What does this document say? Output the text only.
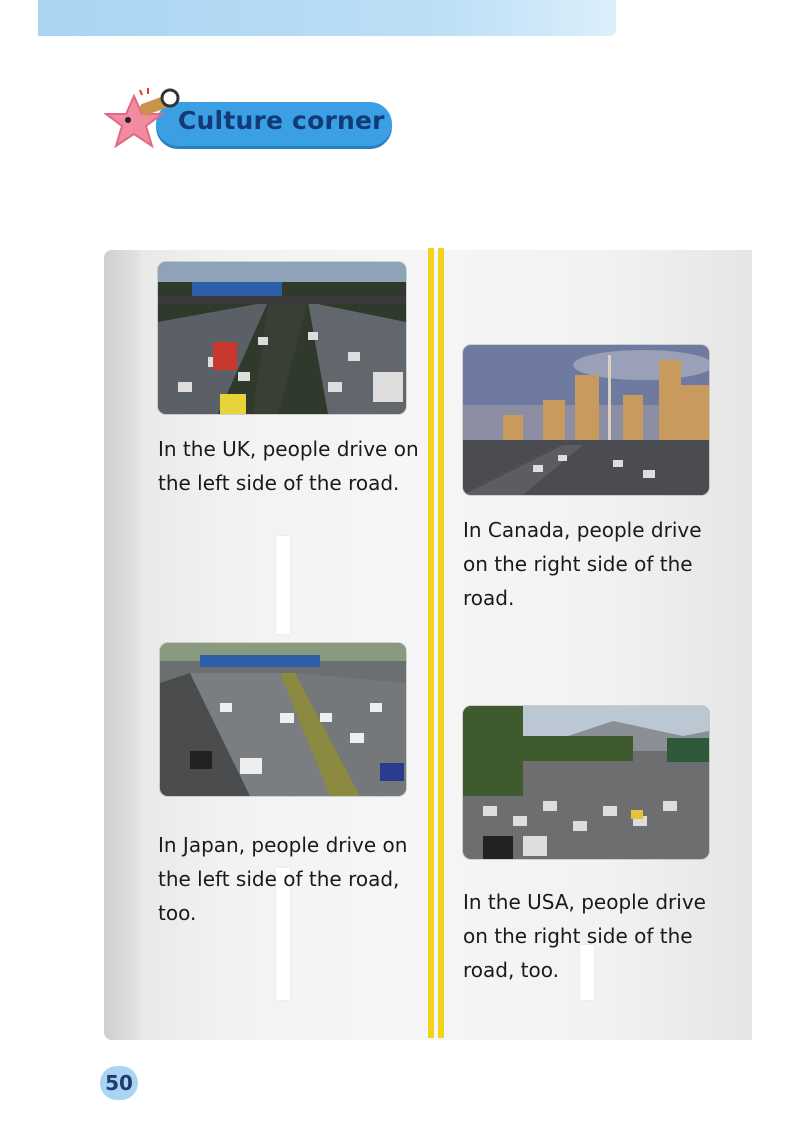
Culture corner
In the UK, people drive on
the left side of the road.
In Canada, people drive
on the right side of the
road.
In Japan, people drive on
the left side of the road,
too.	In the USA, people drive
on the right side of the
road, too.
50
